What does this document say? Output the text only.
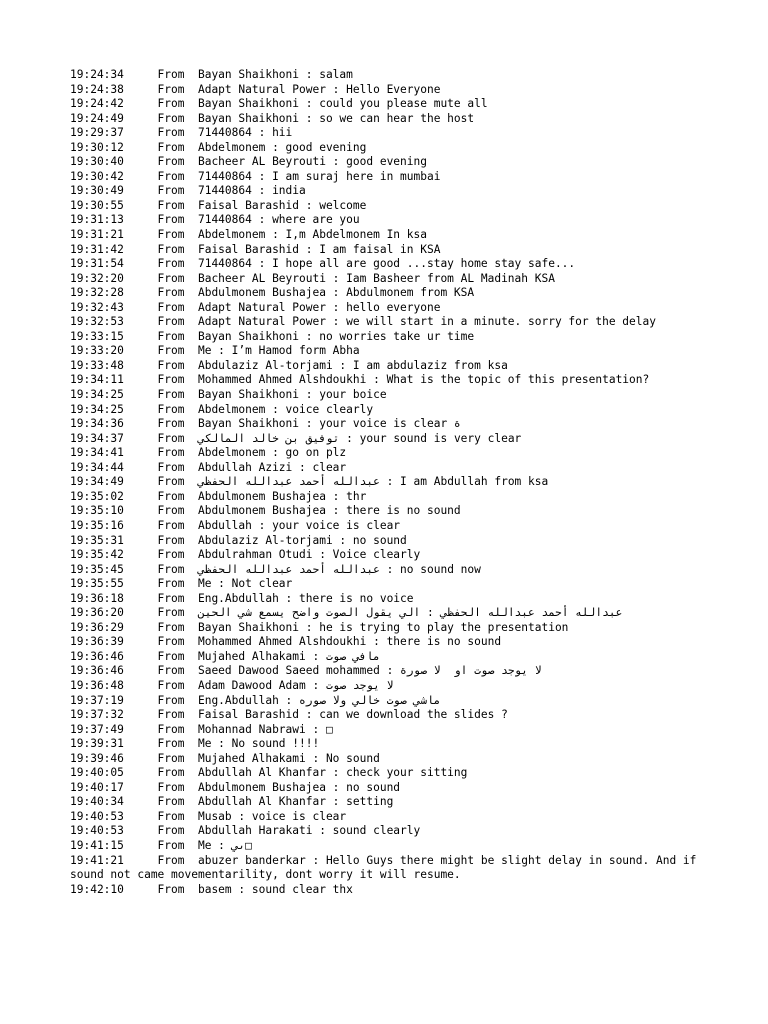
19:24:34     From  Bayan Shaikhoni : salam
19:24:38     From  Adapt Natural Power : Hello Everyone
19:24:42     From  Bayan Shaikhoni : could you please mute all
19:24:49     From  Bayan Shaikhoni : so we can hear the host
19:29:37     From  71440864 : hii
19:30:12     From  Abdelmonem : good evening
19:30:40     From  Bacheer AL Beyrouti : good evening
19:30:42     From  71440864 : I am suraj here in mumbai
19:30:49     From  71440864 : india
19:30:55     From  Faisal Barashid : welcome
19:31:13     From  71440864 : where are you
19:31:21     From  Abdelmonem : I,m Abdelmonem In ksa
19:31:42     From  Faisal Barashid : I am faisal in KSA
19:31:54     From  71440864 : I hope all are good ...stay home stay safe...
19:32:20     From  Bacheer AL Beyrouti : Iam Basheer from AL Madinah KSA
19:32:28     From  Abdulmonem Bushajea : Abdulmonem from KSA
19:32:43     From  Adapt Natural Power : hello everyone
19:32:53     From  Adapt Natural Power : we will start in a minute. sorry for the delay
19:33:15     From  Bayan Shaikhoni : no worries take ur time
19:33:20     From  Me : I’m Hamod form Abha
19:33:48     From  Abdulaziz Al-torjami : I am abdulaziz from ksa
19:34:11     From  Mohammed Ahmed Alshdoukhi : What is the topic of this presentation?
19:34:25     From  Bayan Shaikhoni : your boice
19:34:25     From  Abdelmonem : voice clearly
19:34:36     From  Bayan Shaikhoni : your voice is clear ة
19:34:37     From  توفيق بن خالد المالكي : your sound is very clear
19:34:41     From  Abdelmonem : go on plz
19:34:44     From  Abdullah Azizi : clear
19:34:49     From  عبدالله أحمد عبدالله الحفظي : I am Abdullah from ksa
19:35:02     From  Abdulmonem Bushajea : thr
19:35:10     From  Abdulmonem Bushajea : there is no sound
19:35:16     From  Abdullah : your voice is clear
19:35:31     From  Abdulaziz Al-torjami : no sound
19:35:42     From  Abdulrahman Otudi : Voice clearly
19:35:45     From  عبدالله أحمد عبدالله الحفظي : no sound now
19:35:55     From  Me : Not clear
19:36:18     From  Eng.Abdullah : there is no voice
19:36:20     From  عبدالله أحمد عبدالله الحفظي : الي يقول الصوت واضح يسمع شي الحين
19:36:29     From  Bayan Shaikhoni : he is trying to play the presentation
19:36:39     From  Mohammed Ahmed Alshdoukhi : there is no sound
19:36:46     From  Mujahed Alhakami : مافي صوت
19:36:46     From  Saeed Dawood Saeed mohammed : لا يوجد صوت او  لا صورة
19:36:48     From  Adam Dawood Adam : لا يوجد صوت
19:37:19     From  Eng.Abdullah : ماشي صوت خالي ولا صوره
19:37:32     From  Faisal Barashid : can we download the slides ?
19:37:49     From  Mohannad Nabrawi : □
19:39:31     From  Me : No sound !!!!
19:39:46     From  Mujahed Alhakami : No sound
19:40:05     From  Abdullah Al Khanfar : check your sitting
19:40:17     From  Abdulmonem Bushajea : no sound
19:40:34     From  Abdullah Al Khanfar : setting
19:40:53     From  Musab : voice is clear
19:40:53     From  Abdullah Harakati : sound clearly
19:41:15     From  Me : ىي□
19:41:21     From  abuzer banderkar : Hello Guys there might be slight delay in sound. And if sound not came movementarility, dont worry it will resume.
19:42:10     From  basem : sound clear thx
